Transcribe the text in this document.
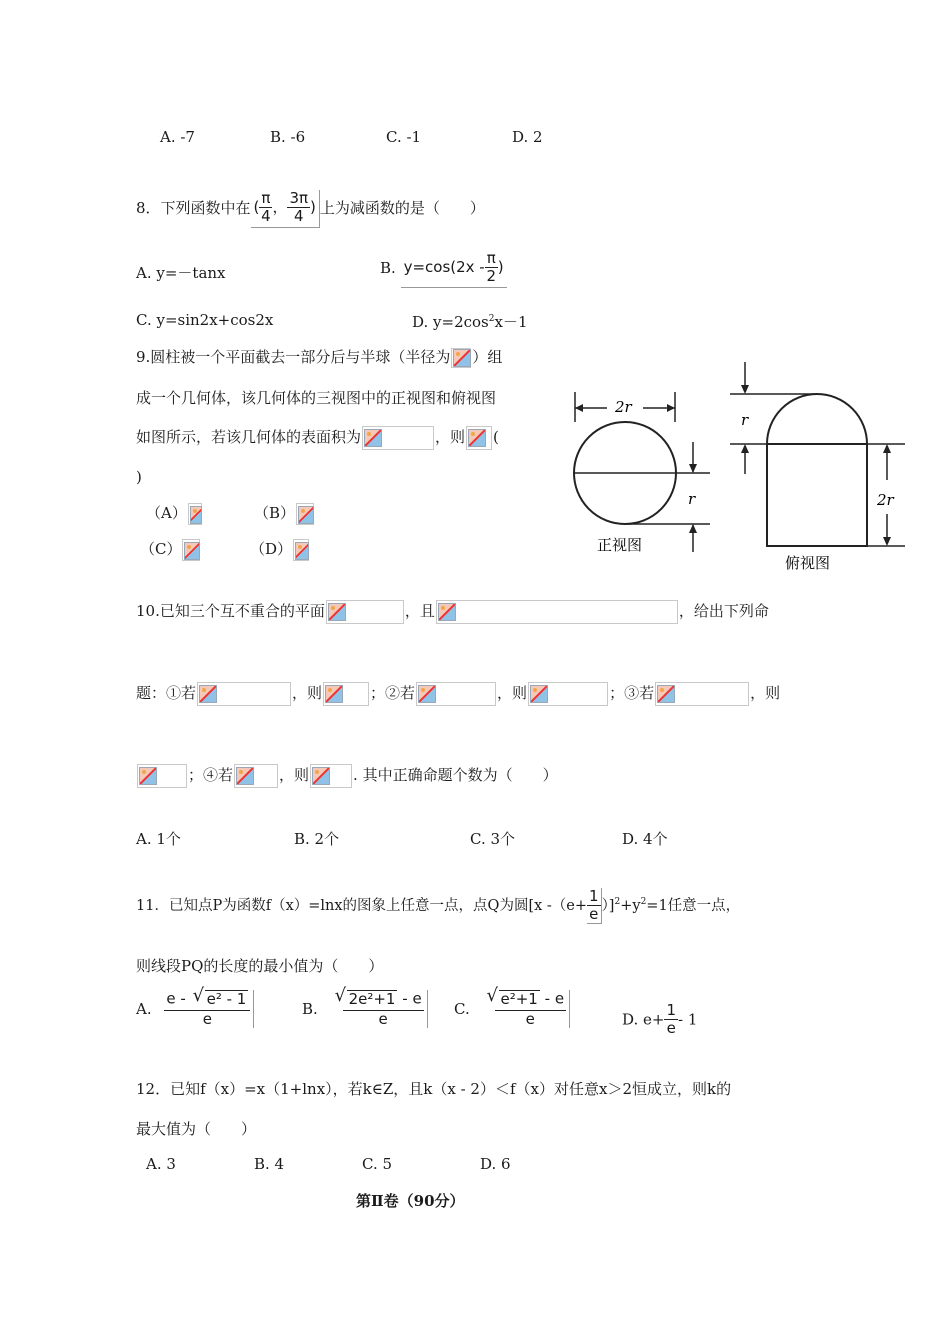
A. -7	B. -6	C. -1	D. 2
8．下列函数中在 ( $\frac{\pi}{4}$ ， $\frac{3\pi}{4}$ ) 上为减函数的是（　　）
A. y=－tanx	B. $y=\cos(2x - \frac{\pi}{2}$ )
C. y=sin2x+cos2x	D. $y=2\cos^2x-1$
9.圆柱被一个平面截去一部分后与半球（半径为 ）组
成一个几何体，该几何体的三视图中的正视图和俯视图
如图所示，若该几何体的表面积为	，则 (
)
（A）	（B）
（C）	（D）
2r
r
正视图
r
2r
俯视图
10.已知三个互不重合的平面	，且	，给出下列命
题：①若	，则	；②若	，则	；③若	，则
；④若	，则	. 其中正确命题个数为（　　）
A. 1个	B. 2个	C. 3个	D. 4个
11．已知点P为函数f（x）=lnx的图象上任意一点，点Q为圆[x $-(e+ \frac{1}{e} )]^2+y^2=1$任意一点，
则线段PQ的长度的最小值为（　　）
A. $\frac{\text{e - √ e² - 1}}{e}$	B. √ $\frac{\text{2e²+1 - e}}{e} C$. √ $\frac{\text{e²+1 - e}}{e}$	D. $e+ \frac{1}{e} - 1$
12．已知f（x）=x（1+lnx），若k∈Z，且k（x - 2）＜f（x）对任意x＞2恒成立，则k的
最大值为（　　）
A. 3	B. 4	C. 5	D. 6
第Ⅱ卷（90分）
